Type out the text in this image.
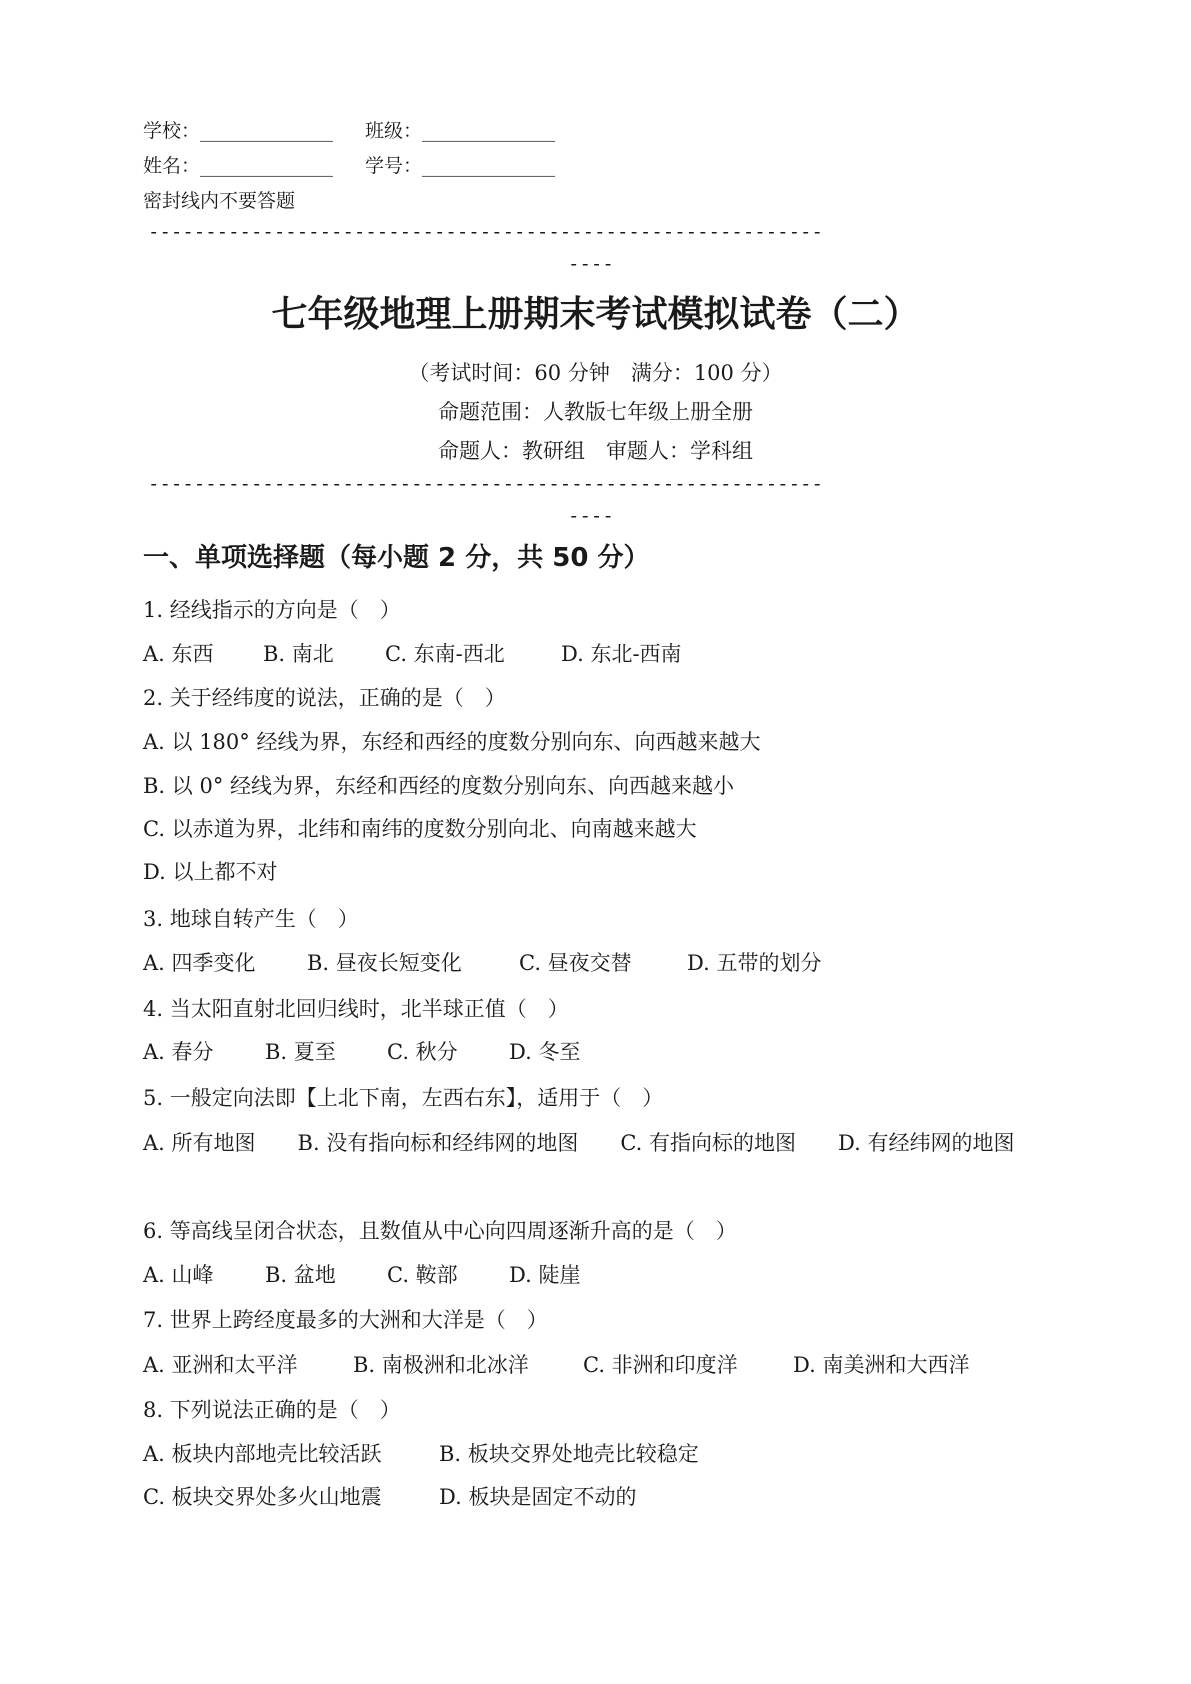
学校：______________ 班级：______________
姓名：______________ 学号：______________
密封线内不要答题
-----------------------------------------------------------
----
七年级地理上册期末考试模拟试卷（二）
（考试时间：60 分钟　满分：100 分）
命题范围：人教版七年级上册全册
命题人：教研组　审题人：学科组
-----------------------------------------------------------
----
一、单项选择题（每小题 2 分，共 50 分）
1. 经线指示的方向是（　）
A. 东西 B. 南北 C. 东南-西北	D. 东北-西南
2. 关于经纬度的说法，正确的是（　）
A. 以 180° 经线为界，东经和西经的度数分别向东、向西越来越大
B. 以 0° 经线为界，东经和西经的度数分别向东、向西越来越小
C. 以赤道为界，北纬和南纬的度数分别向北、向南越来越大
D. 以上都不对
3. 地球自转产生（　）
A. 四季变化 B. 昼夜长短变化	C. 昼夜交替	D. 五带的划分
4. 当太阳直射北回归线时，北半球正值（　）
A. 春分 B. 夏至 C. 秋分 D. 冬至
5. 一般定向法即【上北下南，左西右东】，适用于（　）
A. 所有地图　　 B. 没有指向标和经纬网的地图　　 C. 有指向标的地图　　 D. 有经纬网的地图
6. 等高线呈闭合状态，且数值从中心向四周逐渐升高的是（　）
A. 山峰 B. 盆地 C. 鞍部 D. 陡崖
7. 世界上跨经度最多的大洲和大洋是（　）
A. 亚洲和太平洋	B. 南极洲和北冰洋	C. 非洲和印度洋	D. 南美洲和大西洋
8. 下列说法正确的是（　）
A. 板块内部地壳比较活跃	B. 板块交界处地壳比较稳定
C. 板块交界处多火山地震	D. 板块是固定不动的
